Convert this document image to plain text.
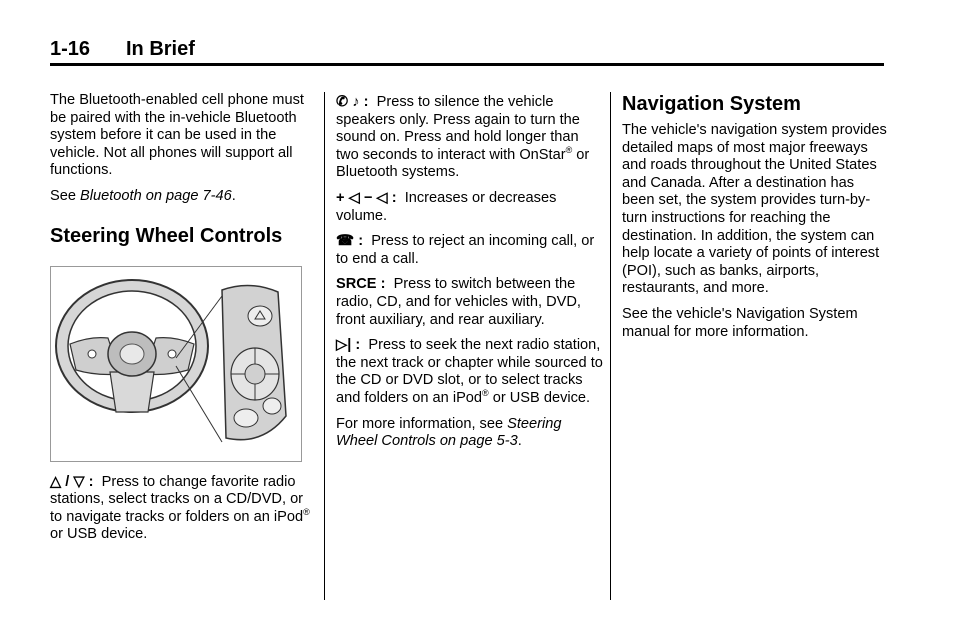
1-16 In Brief

The Bluetooth-enabled cell phone must be paired with the in-vehicle Bluetooth system before it can be used in the vehicle. Not all phones will support all functions.

See Bluetooth on page 7-46.

Steering Wheel Controls

△ / ▽ : Press to change favorite radio stations, select tracks on a CD/DVD, or to navigate tracks or folders on an iPod® or USB device.

✆ ♪ : Press to silence the vehicle speakers only. Press again to turn the sound on. Press and hold longer than two seconds to interact with OnStar® or Bluetooth systems.

+ ◁ − ◁ : Increases or decreases volume.

☎ : Press to reject an incoming call, or to end a call.

SRCE : Press to switch between the radio, CD, and for vehicles with, DVD, front auxiliary, and rear auxiliary.

▷| : Press to seek the next radio station, the next track or chapter while sourced to the CD or DVD slot, or to select tracks and folders on an iPod® or USB device.

For more information, see Steering Wheel Controls on page 5-3.

Navigation System

The vehicle's navigation system provides detailed maps of most major freeways and roads throughout the United States and Canada. After a destination has been set, the system provides turn-by-turn instructions for reaching the destination. In addition, the system can help locate a variety of points of interest (POI), such as banks, airports, restaurants, and more.

See the vehicle's Navigation System manual for more information.
